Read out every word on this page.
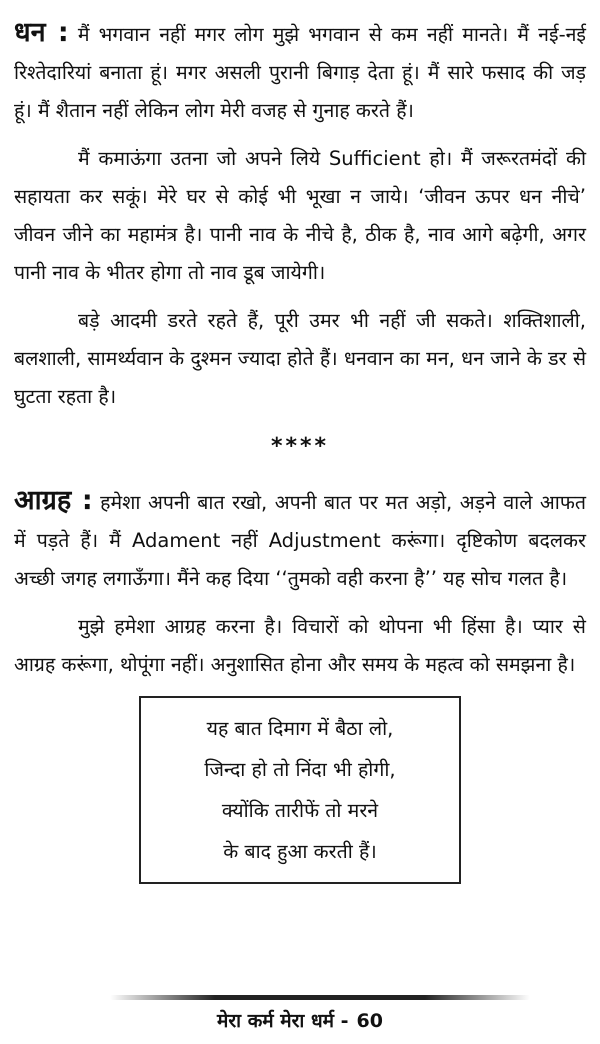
धन : मैं भगवान नहीं मगर लोग मुझे भगवान से कम नहीं मानते। मैं नई-नई रिश्तेदारियां बनाता हूं। मगर असली पुरानी बिगाड़ देता हूं। मैं सारे फसाद की जड़ हूं। मैं शैतान नहीं लेकिन लोग मेरी वजह से गुनाह करते हैं।

मैं कमाऊंगा उतना जो अपने लिये Sufficient हो। मैं जरूरतमंदों की सहायता कर सकूं। मेरे घर से कोई भी भूखा न जाये। ‘जीवन ऊपर धन नीचे’ जीवन जीने का महामंत्र है। पानी नाव के नीचे है, ठीक है, नाव आगे बढ़ेगी, अगर पानी नाव के भीतर होगा तो नाव डूब जायेगी।

बड़े आदमी डरते रहते हैं, पूरी उमर भी नहीं जी सकते। शक्तिशाली, बलशाली, सामर्थ्यवान के दुश्मन ज्यादा होते हैं। धनवान का मन, धन जाने के डर से घुटता रहता है।

****

आग्रह : हमेशा अपनी बात रखो, अपनी बात पर मत अड़ो, अड़ने वाले आफत में पड़ते हैं। मैं Adament नहीं Adjustment करूंगा। दृष्टिकोण बदलकर अच्छी जगह लगाऊँगा। मैंने कह दिया ‘‘तुमको वही करना है’’ यह सोच गलत है।

मुझे हमेशा आग्रह करना है। विचारों को थोपना भी हिंसा है। प्यार से आग्रह करूंगा, थोपूंगा नहीं। अनुशासित होना और समय के महत्व को समझना है।

यह बात दिमाग में बैठा लो,
जिन्दा हो तो निंदा भी होगी,
क्योंकि तारीफें तो मरने
के बाद हुआ करती हैं।
मेरा कर्म मेरा धर्म - 60
